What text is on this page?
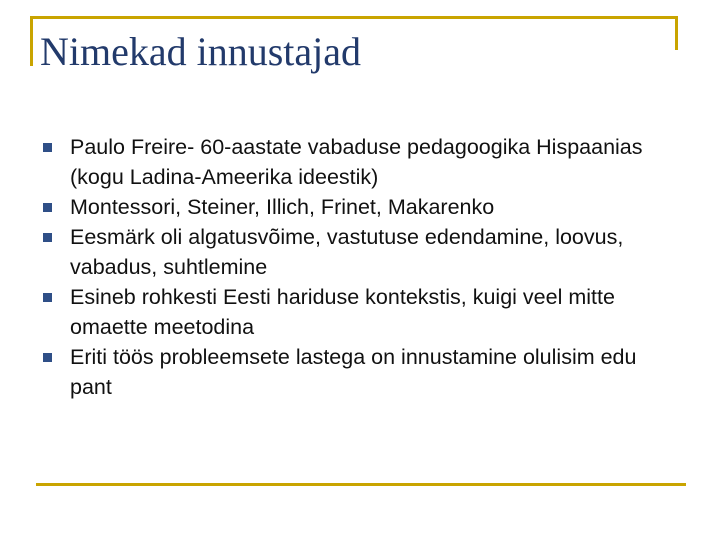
Nimekad innustajad
Paulo Freire- 60-aastate vabaduse pedagoogika Hispaanias (kogu Ladina-Ameerika ideestik)
Montessori, Steiner, Illich, Frinet, Makarenko
Eesmärk oli algatusvõime, vastutuse edendamine, loovus, vabadus, suhtlemine
Esineb rohkesti Eesti hariduse kontekstis, kuigi veel mitte omaette meetodina
Eriti töös probleemsete lastega on innustamine olulisim edu pant
